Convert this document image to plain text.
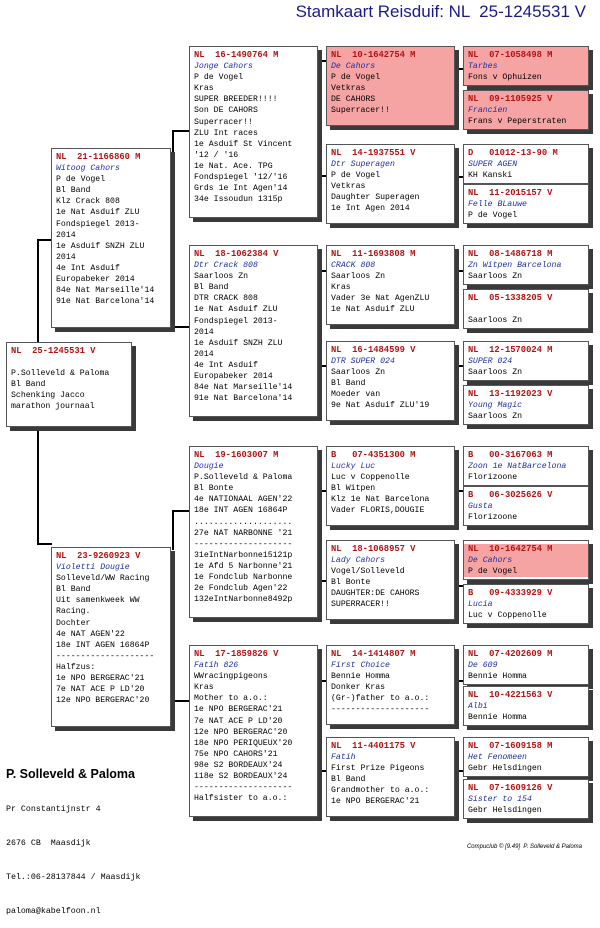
Stamkaart Reisduif: NL  25-1245531 V
NL  25-1245531 V

P.Solleveld & Paloma
Bl Band
Schenking Jacco
marathon journaal
NL  21-1166860 M
Witoog Cahors
P de Vogel
Bl Band
Klz Crack 808
1e Nat Asduif ZLU
Fondspiegel 2013-
2014
1e Asduif SNZH ZLU
2014
4e Int Asduif
Europabeker 2014
84e Nat Marseille'14
91e Nat Barcelona'14
NL  23-9260923 V
Violetti Dougie
Solleveld/WW Racing
Bl Band
Uit samenkweek WW
Racing.
Dochter
4e NAT AGEN'22
18e INT AGEN 16864P
--------------------
Halfzus:
1e NPO BERGERAC'21
7e NAT ACE P LD'20
12e NPO BERGERAC'20
NL  16-1490764 M
Jonge Cahors
P de Vogel
Kras
SUPER BREEDER!!!!
Son DE CAHORS
Superracer!!
ZLU Int races
1e Asduif St Vincent
'12 / '16
1e Nat. Ace. TPG
Fondspiegel '12/'16
Grds 1e Int Agen'14
34e Issoudun 1315p
NL  18-1062384 V
Dtr Crack 808
Saarloos Zn
Bl Band
DTR CRACK 808
1e Nat Asduif ZLU
Fondspiegel 2013-
2014
1e Asduif SNZH ZLU
2014
4e Int Asduif
Europabeker 2014
84e Nat Marseille'14
91e Nat Barcelona'14
NL  19-1603007 M
Dougie
P.Solleveld & Paloma
Bl Bonte
4e NATIONAAL AGEN'22
18e INT AGEN 16864P
....................
27e NAT NARBONNE '21
--------------------
31eIntNarbonne15121p
1e Afd 5 Narbonne'21
1e Fondclub Narbonne
2e Fondclub Agen'22
132eIntNarbonne8492p
NL  17-1859826 V
Fatih 826
WWracingpigeons
Kras
Mother to a.o.:
1e NPO BERGERAC'21
7e NAT ACE P LD'20
12e NPO BERGERAC'20
18e NPO PERIQUEUX'20
75e NPO CAHORS'21
98e S2 BORDEAUX'24
118e S2 BORDEAUX'24
--------------------
Halfsister to a.o.:
NL  10-1642754 M
De Cahors
P de Vogel
Vetkras
DE CAHORS
Superracer!!
NL  14-1937551 V
Dtr Superagen
P de Vogel
Vetkras
Daughter Superagen
1e Int Agen 2014
NL  11-1693808 M
CRACK 808
Saarloos Zn
Kras
Vader 3e Nat AgenZLU
1e Nat Asduif ZLU
NL  16-1484599 V
DTR SUPER 024
Saarloos Zn
Bl Band
Moeder van
9e Nat Asduif ZLU'19
B   07-4351300 M
Lucky Luc
Luc v Coppenolle
Bl Witpen
Klz 1e Nat Barcelona
Vader FLORIS,DOUGIE
NL  18-1068957 V
Lady Cahors
Vogel/Solleveld
Bl Bonte
DAUGHTER:DE CAHORS
SUPERRACER!!
NL  14-1414807 M
First Choice
Bennie Homma
Donker Kras
(Gr-)father to a.o.:
--------------------
NL  11-4401175 V
Fatih
First Prize Pigeons
Bl Band
Grandmother to a.o.:
1e NPO BERGERAC'21
NL  07-1058498 M
Tarbes
Fons v Ophuizen
NL  09-1105925 V
Francien
Frans v Peperstraten
D   01012-13-90 M
SUPER AGEN
KH Kanski
NL  11-2015157 V
Felle BLauwe
P de Vogel
NL  08-1486718 M
Zn Witpen Barcelona
Saarloos Zn
NL  05-1338205 V

Saarloos Zn
NL  12-1570024 M
SUPER 024
Saarloos Zn
NL  13-1192023 V
Young Magic
Saarloos Zn
B   00-3167063 M
Zoon 1e NatBarcelona
Florizoone
B   06-3025626 V
Gusta
Florizoone
NL  10-1642754 M
De Cahors
P de Vogel
B   09-4333929 V
Lucia
Luc v Coppenolle
NL  07-4202609 M
De 609
Bennie Homma
NL  10-4221563 V
Albi
Bennie Homma
NL  07-1609158 M
Het Fenomeen
Gebr Helsdingen
NL  07-1609126 V
Sister to 154
Gebr Helsdingen

P. Solleveld & Paloma

Pr Constantijnstr 4

2676 CB  Maasdijk

Tel.:06-28137844 / Maasdijk

paloma@kabelfoon.nl

Compuclub © [9.49]  P. Solleveld & Paloma
